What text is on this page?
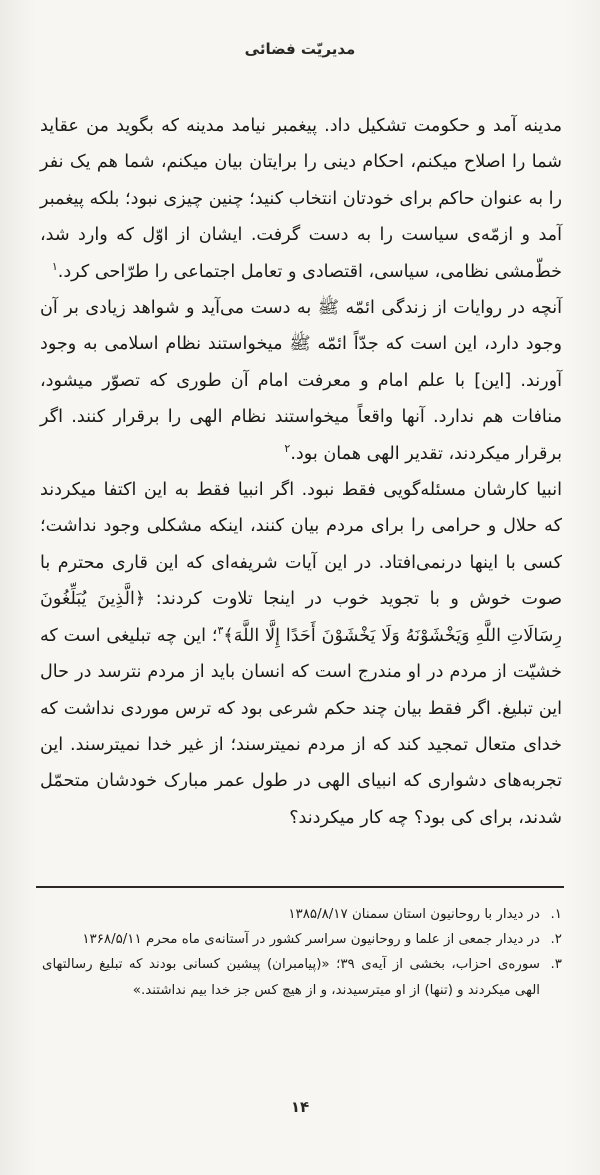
مدیریّت فضائی

مدینه آمد و حکومت تشکیل داد. پیغمبر نیامد مدینه که بگوید من عقاید شما را اصلاح میکنم، احکام دینی را برایتان بیان میکنم، شما هم یک نفر را به عنوان حاکم برای خودتان انتخاب کنید؛ چنین چیزی نبود؛ بلکه پیغمبر آمد و ازمّه‌ی سیاست را به دست گرفت. ایشان از اوّل که وارد شد، خطّ‌مشی نظامی، سیاسی، اقتصادی و تعامل اجتماعی را طرّاحی کرد.$^۱$

آنچه در روایات از زندگی ائمّه ﷺ به دست می‌آید و شواهد زیادی بر آن وجود دارد، این است که جدّاً ائمّه ﷺ میخواستند نظام اسلامی به وجود آورند. [این] با علم امام و معرفت امام آن طوری که تصوّر میشود، منافات هم ندارد. آنها واقعاً میخواستند نظام الهی را برقرار کنند. اگر برقرار میکردند، تقدیر الهی همان بود.$^۲$

انبیا کارشان مسئله‌گویی فقط نبود. اگر انبیا فقط به این اکتفا میکردند که حلال و حرامی را برای مردم بیان کنند، اینکه مشکلی وجود نداشت؛ کسی با اینها درنمی‌افتاد. در این آیات شریفه‌ای که این قاری محترم با صوت خوش و با تجوید خوب در اینجا تلاوت کردند: ﴿الَّذِينَ يُبَلِّغُونَ رِسَالَاتِ اللَّهِ وَيَخْشَوْنَهُ وَلَا يَخْشَوْنَ أَحَدًا إِلَّا اللَّهَ﴾$^۳$؛ این چه تبلیغی است که خشیّت از مردم در او مندرج است که انسان باید از مردم نترسد در حال این تبلیغ. اگر فقط بیان چند حکم شرعی بود که ترس موردی نداشت که خدای متعال تمجید کند که از مردم نمیترسند؛ از غیر خدا نمیترسند. این تجربه‌های دشواری که انبیای الهی در طول عمر مبارک خودشان متحمّل شدند، برای کی بود؟ چه کار میکردند؟

۱.
در دیدار با روحانیون استان سمنان ۱۳۸۵/۸/۱۷
۲.
در دیدار جمعی از علما و روحانیون سراسر کشور در آستانه‌ی ماه محرم ۱۳۶۸/۵/۱۱
۳.
سوره‌ی احزاب، بخشی از آیه‌ی ۳۹؛ «(پیامبران) پیشین کسانی بودند که تبلیغ رسالتهای الهی میکردند و (تنها) از او میترسیدند، و از هیچ کس جز خدا بیم نداشتند.»
۱۴
